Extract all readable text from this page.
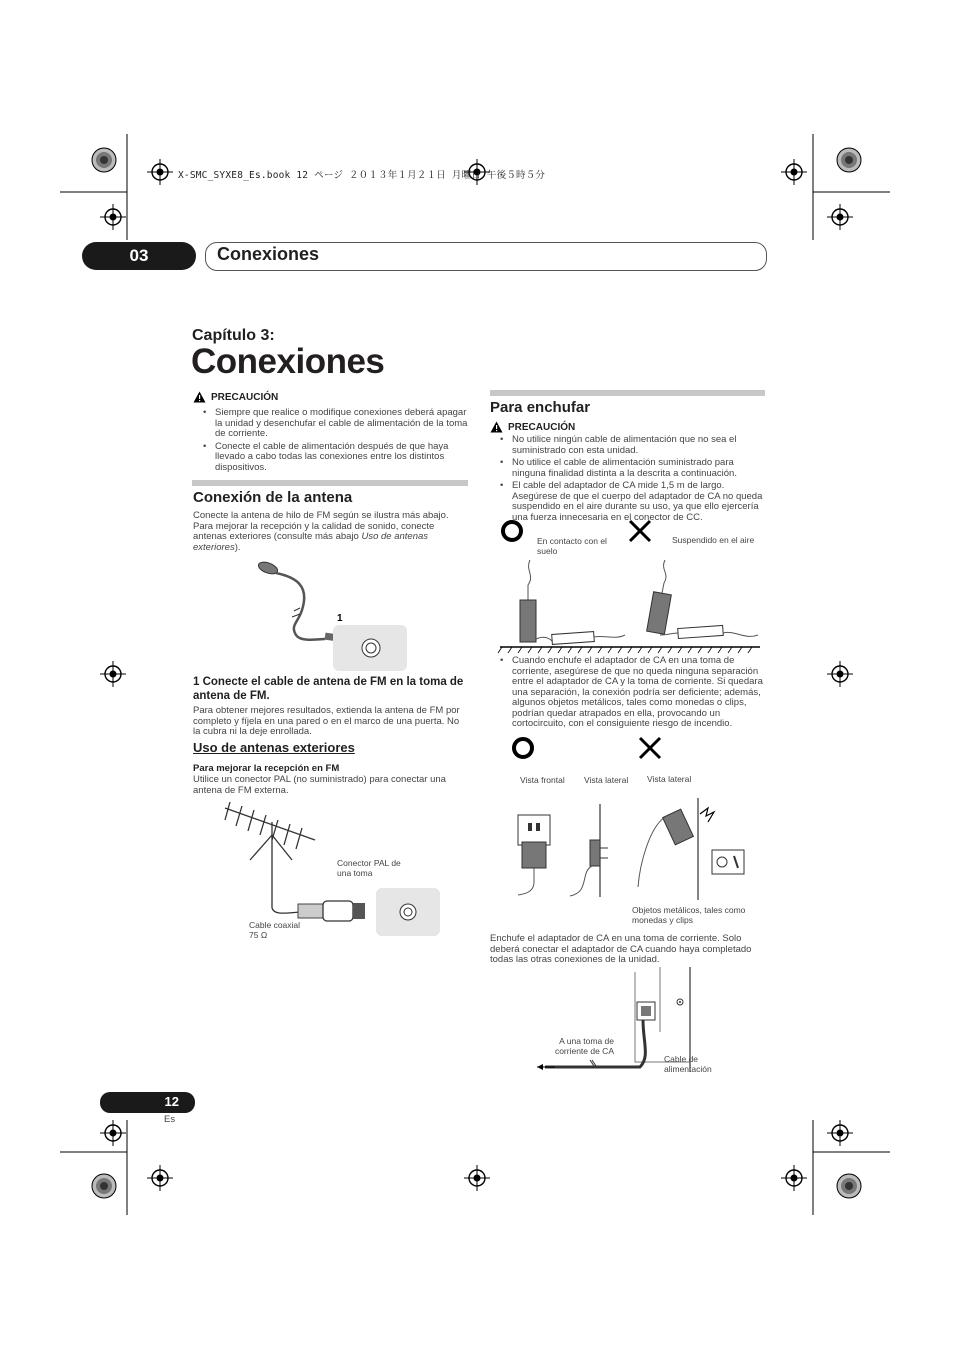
X-SMC_SYXE8_Es.book 12 ページ ２０１３年１月２１日 月曜日 午後５時５分
03	Conexiones
Capítulo 3:
Conexiones
PRECAUCIÓN
• Siempre que realice o modifique conexiones deberá apagar la unidad y desenchufar el cable de alimentación de la toma de corriente.
• Conecte el cable de alimentación después de que haya llevado a cabo todas las conexiones entre los distintos dispositivos.
Conexión de la antena
Conecte la antena de hilo de FM según se ilustra más abajo. Para mejorar la recepción y la calidad de sonido, conecte antenas exteriores (consulte más abajo Uso de antenas exteriores).
1
1 Conecte el cable de antena de FM en la toma de antena de FM.
Para obtener mejores resultados, extienda la antena de FM por completo y fíjela en una pared o en el marco de una puerta. No la cubra ni la deje enrollada.
Uso de antenas exteriores
Para mejorar la recepción en FM
Utilice un conector PAL (no suministrado) para conectar una antena de FM externa.
Conector PAL de una toma
Cable coaxial 75 Ω
Para enchufar
PRECAUCIÓN
• No utilice ningún cable de alimentación que no sea el suministrado con esta unidad.
• No utilice el cable de alimentación suministrado para ninguna finalidad distinta a la descrita a continuación.
• El cable del adaptador de CA mide 1,5 m de largo. Asegúrese de que el cuerpo del adaptador de CA no queda suspendido en el aire durante su uso, ya que ello ejercería una fuerza innecesaria en el conector de CC.
En contacto con el suelo
Suspendido en el aire
• Cuando enchufe el adaptador de CA en una toma de corriente, asegúrese de que no queda ninguna separación entre el adaptador de CA y la toma de corriente. Si quedara una separación, la conexión podría ser deficiente; además, algunos objetos metálicos, tales como monedas o clips, podrían quedar atrapados en ella, provocando un cortocircuito, con el consiguiente riesgo de incendio.
Vista frontal Vista lateral Vista lateral
Objetos metálicos, tales como monedas y clips
Enchufe el adaptador de CA en una toma de corriente. Solo deberá conectar el adaptador de CA cuando haya completado todas las otras conexiones de la unidad.
A una toma de corriente de CA
Cable de alimentación
12
Es
